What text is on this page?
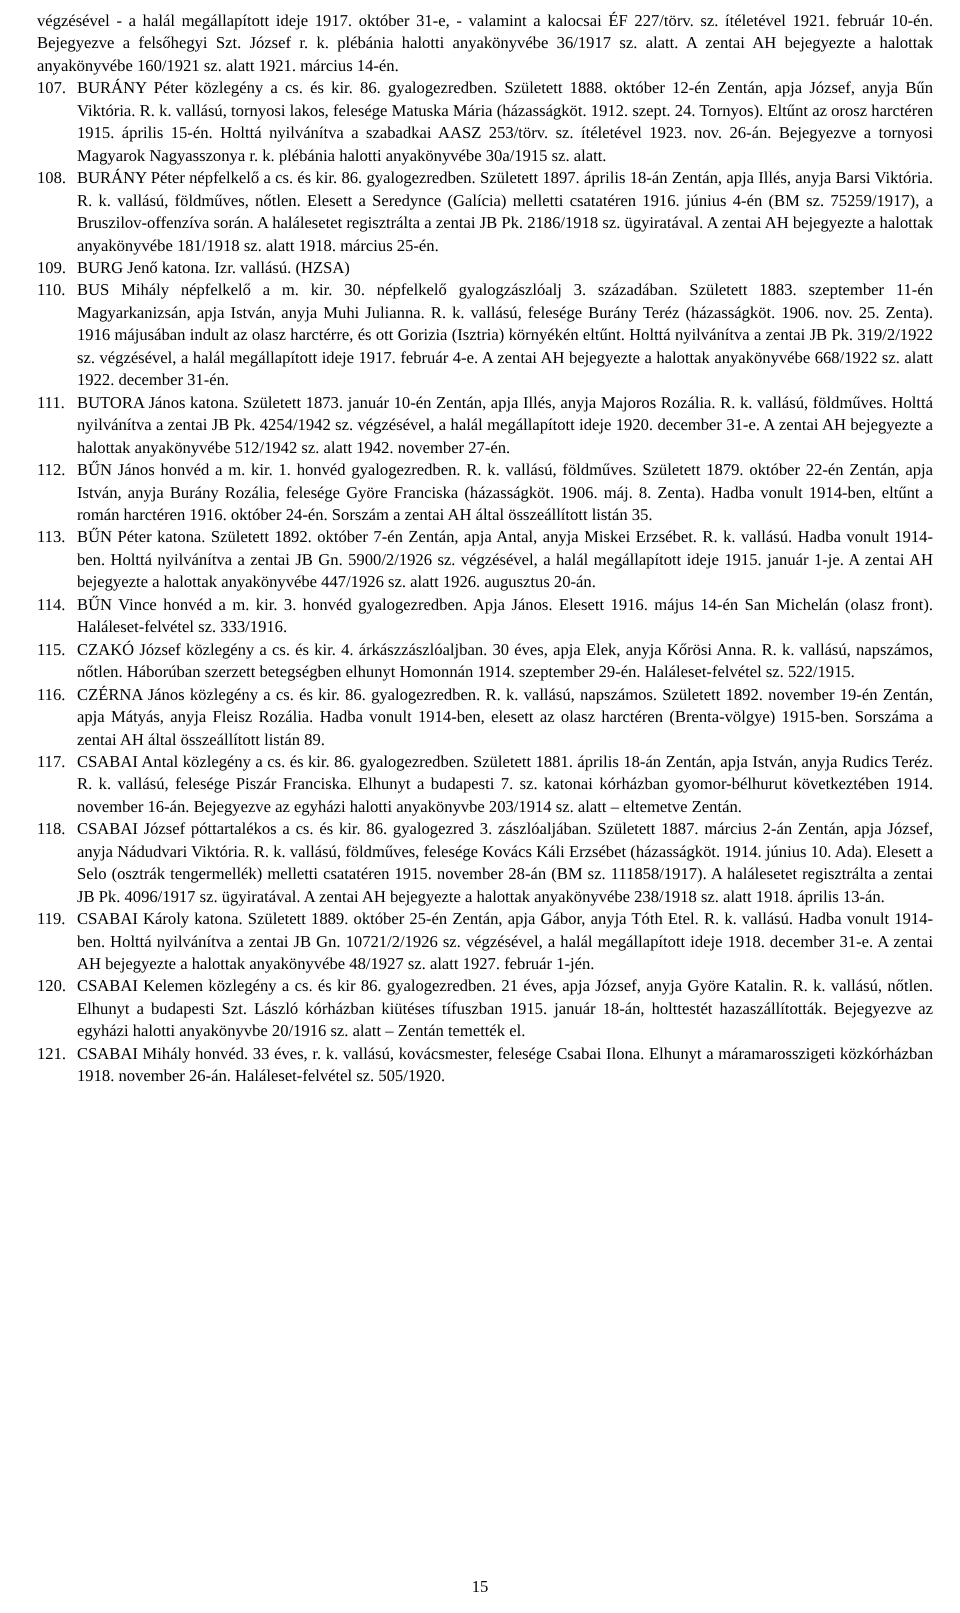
végzésével - a halál megállapított ideje 1917. október 31-e, - valamint a kalocsai ÉF 227/törv. sz. ítéletével 1921. február 10-én. Bejegyezve a felsőhegyi Szt. József r. k. plébánia halotti anyakönyvébe 36/1917 sz. alatt. A zentai AH bejegyezte a halottak anyakönyvébe 160/1921 sz. alatt 1921. március 14-én.

107. BURÁNY Péter közlegény a cs. és kir. 86. gyalogezredben. Született 1888. október 12-én Zentán, apja József, anyja Bűn Viktória. R. k. vallású, tornyosi lakos, felesége Matuska Mária (házasságköt. 1912. szept. 24. Tornyos). Eltűnt az orosz harctéren 1915. április 15-én. Holttá nyilvánítva a szabadkai AASZ 253/törv. sz. ítéletével 1923. nov. 26-án. Bejegyezve a tornyosi Magyarok Nagyasszonya r. k. plébánia halotti anyakönyvébe 30a/1915 sz. alatt.
108. BURÁNY Péter népfelkelő a cs. és kir. 86. gyalogezredben. Született 1897. április 18-án Zentán, apja Illés, anyja Barsi Viktória. R. k. vallású, földműves, nőtlen. Elesett a Seredynce (Galícia) melletti csatatéren 1916. június 4-én (BM sz. 75259/1917), a Bruszilov-offenzíva során. A halálesetet regisztrálta a zentai JB Pk. 2186/1918 sz. ügyiratával. A zentai AH bejegyezte a halottak anyakönyvébe 181/1918 sz. alatt 1918. március 25-én.
109. BURG Jenő katona. Izr. vallású. (HZSA)
110. BUS Mihály népfelkelő a m. kir. 30. népfelkelő gyalogzászlóalj 3. századában. Született 1883. szeptember 11-én Magyarkanizsán, apja István, anyja Muhi Julianna. R. k. vallású, felesége Burány Teréz (házasságköt. 1906. nov. 25. Zenta). 1916 májusában indult az olasz harctérre, és ott Gorizia (Isztria) környékén eltűnt. Holttá nyilvánítva a zentai JB Pk. 319/2/1922 sz. végzésével, a halál megállapított ideje 1917. február 4-e. A zentai AH bejegyezte a halottak anyakönyvébe 668/1922 sz. alatt 1922. december 31-én.
111. BUTORA János katona. Született 1873. január 10-én Zentán, apja Illés, anyja Majoros Rozália. R. k. vallású, földműves. Holttá nyilvánítva a zentai JB Pk. 4254/1942 sz. végzésével, a halál megállapított ideje 1920. december 31-e. A zentai AH bejegyezte a halottak anyakönyvébe 512/1942 sz. alatt 1942. november 27-én.
112. BŰN János honvéd a m. kir. 1. honvéd gyalogezredben. R. k. vallású, földműves. Született 1879. október 22-én Zentán, apja István, anyja Burány Rozália, felesége Györe Franciska (házasságköt. 1906. máj. 8. Zenta). Hadba vonult 1914-ben, eltűnt a román harctéren 1916. október 24-én. Sorszám a zentai AH által összeállított listán 35.
113. BŰN Péter katona. Született 1892. október 7-én Zentán, apja Antal, anyja Miskei Erzsébet. R. k. vallású. Hadba vonult 1914-ben. Holttá nyilvánítva a zentai JB Gn. 5900/2/1926 sz. végzésével, a halál megállapított ideje 1915. január 1-je. A zentai AH bejegyezte a halottak anyakönyvébe 447/1926 sz. alatt 1926. augusztus 20-án.
114. BŰN Vince honvéd a m. kir. 3. honvéd gyalogezredben. Apja János. Elesett 1916. május 14-én San Michelán (olasz front). Haláleset-felvétel sz. 333/1916.
115. CZAKÓ József közlegény a cs. és kir. 4. árkászzászlóaljban. 30 éves, apja Elek, anyja Kőrösi Anna. R. k. vallású, napszámos, nőtlen. Háborúban szerzett betegségben elhunyt Homonnán 1914. szeptember 29-én. Haláleset-felvétel sz. 522/1915.
116. CZÉRNA János közlegény a cs. és kir. 86. gyalogezredben. R. k. vallású, napszámos. Született 1892. november 19-én Zentán, apja Mátyás, anyja Fleisz Rozália. Hadba vonult 1914-ben, elesett az olasz harctéren (Brenta-völgye) 1915-ben. Sorszáma a zentai AH által összeállított listán 89.
117. CSABAI Antal közlegény a cs. és kir. 86. gyalogezredben. Született 1881. április 18-án Zentán, apja István, anyja Rudics Teréz. R. k. vallású, felesége Piszár Franciska. Elhunyt a budapesti 7. sz. katonai kórházban gyomor-bélhurut következtében 1914. november 16-án. Bejegyezve az egyházi halotti anyakönyvbe 203/1914 sz. alatt – eltemetve Zentán.
118. CSABAI József póttartalékos a cs. és kir. 86. gyalogezred 3. zászlóaljában. Született 1887. március 2-án Zentán, apja József, anyja Nádudvari Viktória. R. k. vallású, földműves, felesége Kovács Káli Erzsébet (házasságköt. 1914. június 10. Ada). Elesett a Selo (osztrák tengermellék) melletti csatatéren 1915. november 28-án (BM sz. 111858/1917). A halálesetet regisztrálta a zentai JB Pk. 4096/1917 sz. ügyiratával. A zentai AH bejegyezte a halottak anyakönyvébe 238/1918 sz. alatt 1918. április 13-án.
119. CSABAI Károly katona. Született 1889. október 25-én Zentán, apja Gábor, anyja Tóth Etel. R. k. vallású. Hadba vonult 1914-ben. Holttá nyilvánítva a zentai JB Gn. 10721/2/1926 sz. végzésével, a halál megállapított ideje 1918. december 31-e. A zentai AH bejegyezte a halottak anyakönyvébe 48/1927 sz. alatt 1927. február 1-jén.
120. CSABAI Kelemen közlegény a cs. és kir 86. gyalogezredben. 21 éves, apja József, anyja Györe Katalin. R. k. vallású, nőtlen. Elhunyt a budapesti Szt. László kórházban kiütéses tífuszban 1915. január 18-án, holttestét hazaszállították. Bejegyezve az egyházi halotti anyakönyvbe 20/1916 sz. alatt – Zentán temették el.
121. CSABAI Mihály honvéd. 33 éves, r. k. vallású, kovácsmester, felesége Csabai Ilona. Elhunyt a máramarosszigeti közkórházban 1918. november 26-án. Haláleset-felvétel sz. 505/1920.
15
